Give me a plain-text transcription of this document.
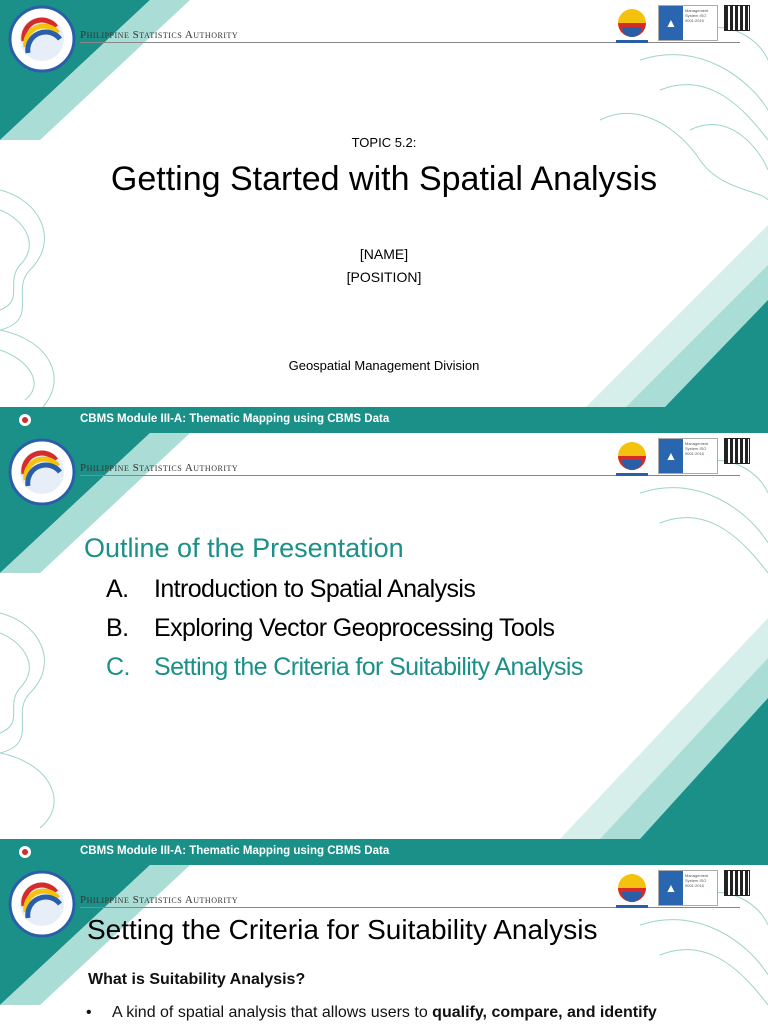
Philippine Statistics Authority
▲
Management System ISO 9001:2015
TOPIC 5.2:
Getting Started with Spatial Analysis
[NAME]
[POSITION]
Geospatial Management Division
CBMS Module III-A: Thematic Mapping using CBMS Data
Philippine Statistics Authority
▲
Management System ISO 9001:2015
Outline of the Presentation
A.	Introduction to Spatial Analysis
B.	Exploring Vector Geoprocessing Tools
C. Setting the Criteria for Suitability Analysis
CBMS Module III-A: Thematic Mapping using CBMS Data
Philippine Statistics Authority
▲
Management System ISO 9001:2015
Setting the Criteria for Suitability Analysis
What is Suitability Analysis?
• A kind of spatial analysis that allows users to qualify, compare, and identify
